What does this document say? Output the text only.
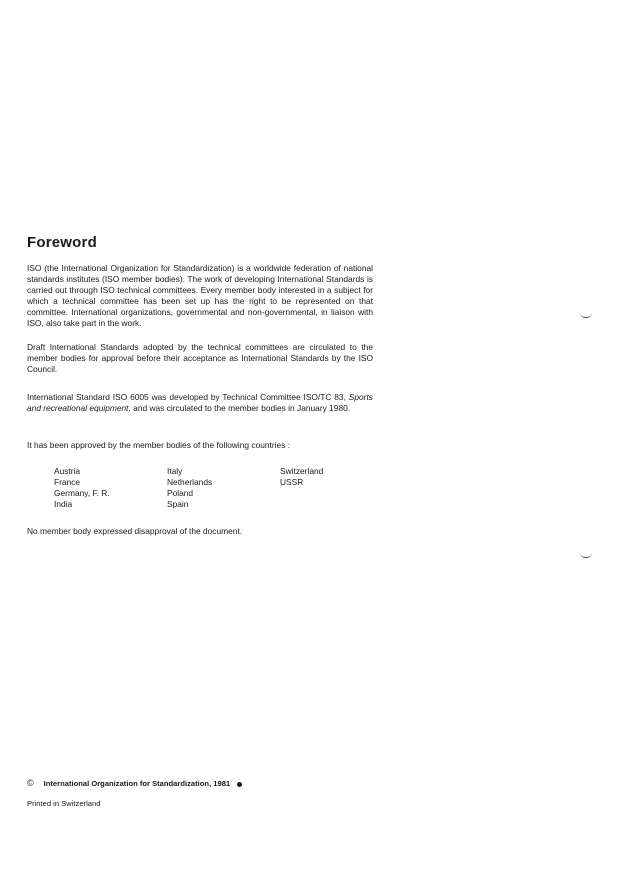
Foreword

ISO (the International Organization for Standardization) is a worldwide federation of national standards institutes (ISO member bodies). The work of developing International Standards is carried out through ISO technical committees. Every member body interested in a subject for which a technical committee has been set up has the right to be represented on that committee. International organizations, governmental and non-governmental, in liaison with ISO, also take part in the work.

Draft International Standards adopted by the technical committees are circulated to the member bodies for approval before their acceptance as International Standards by the ISO Council.

International Standard ISO 6005 was developed by Technical Committee ISO/TC 83, Sports and recreational equipment, and was circulated to the member bodies in January 1980.

It has been approved by the member bodies of the following countries :

Austria
France
Germany, F. R.
India
Italy
Netherlands
Poland
Spain
Switzerland
USSR

No member body expressed disapproval of the document.

© International Organization for Standardization, 1981
Printed in Switzerland
